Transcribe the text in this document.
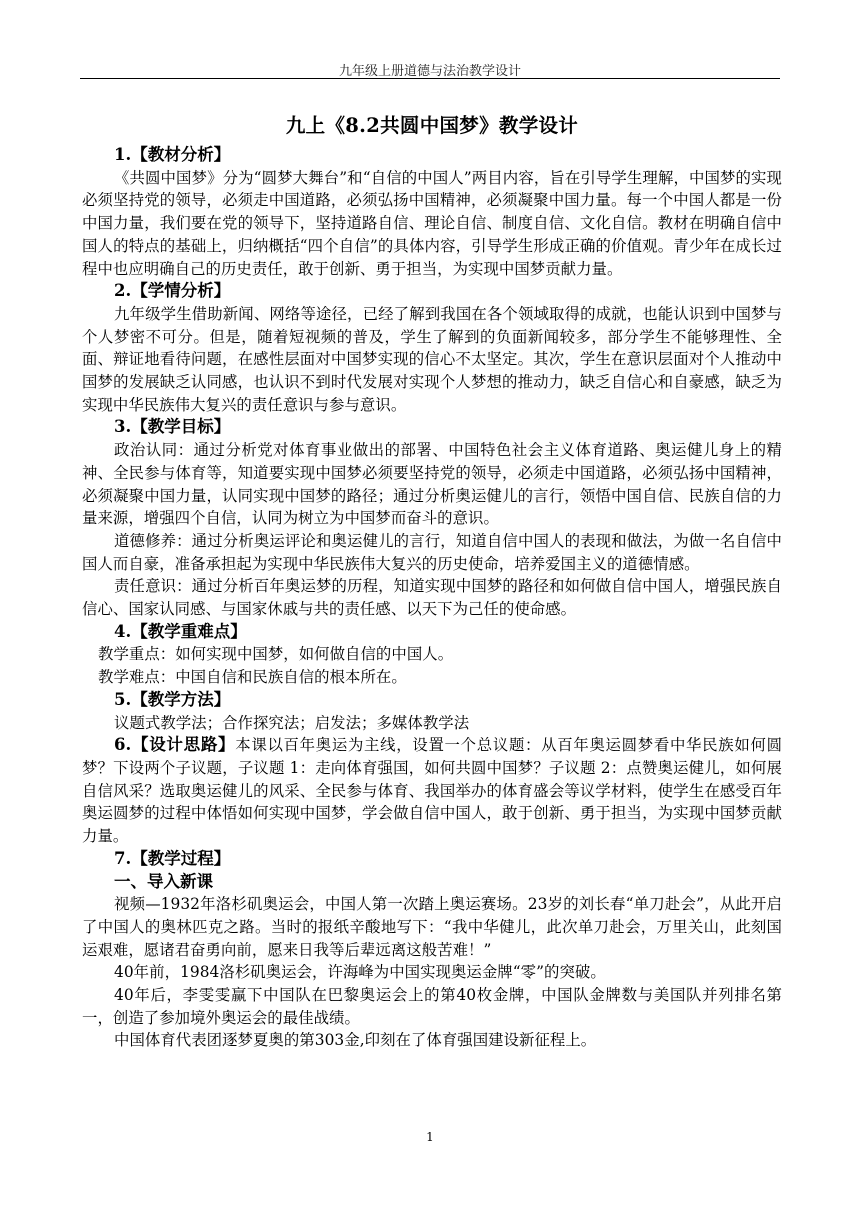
九年级上册道德与法治教学设计
九上《8.2共圆中国梦》教学设计
1.【教材分析】
《共圆中国梦》分为“圆梦大舞台”和“自信的中国人”两目内容，旨在引导学生理解，中国梦的实现必须坚持党的领导，必须走中国道路，必须弘扬中国精神，必须凝聚中国力量。每一个中国人都是一份中国力量，我们要在党的领导下，坚持道路自信、理论自信、制度自信、文化自信。教材在明确自信中国人的特点的基础上，归纳概括“四个自信”的具体内容，引导学生形成正确的价值观。青少年在成长过程中也应明确自己的历史责任，敢于创新、勇于担当，为实现中国梦贡献力量。
2.【学情分析】
九年级学生借助新闻、网络等途径，已经了解到我国在各个领域取得的成就，也能认识到中国梦与个人梦密不可分。但是，随着短视频的普及，学生了解到的负面新闻较多，部分学生不能够理性、全面、辩证地看待问题，在感性层面对中国梦实现的信心不太坚定。其次，学生在意识层面对个人推动中国梦的发展缺乏认同感，也认识不到时代发展对实现个人梦想的推动力，缺乏自信心和自豪感，缺乏为实现中华民族伟大复兴的责任意识与参与意识。
3.【教学目标】
政治认同：通过分析党对体育事业做出的部署、中国特色社会主义体育道路、奥运健儿身上的精神、全民参与体育等，知道要实现中国梦必须要坚持党的领导，必须走中国道路，必须弘扬中国精神，必须凝聚中国力量，认同实现中国梦的路径；通过分析奥运健儿的言行，领悟中国自信、民族自信的力量来源，增强四个自信，认同为树立为中国梦而奋斗的意识。
道德修养：通过分析奥运评论和奥运健儿的言行，知道自信中国人的表现和做法，为做一名自信中国人而自豪，准备承担起为实现中华民族伟大复兴的历史使命，培养爱国主义的道德情感。
责任意识：通过分析百年奥运梦的历程，知道实现中国梦的路径和如何做自信中国人，增强民族自信心、国家认同感、与国家休戚与共的责任感、以天下为己任的使命感。
4.【教学重难点】
教学重点：如何实现中国梦，如何做自信的中国人。
教学难点：中国自信和民族自信的根本所在。
5.【教学方法】
议题式教学法；合作探究法；启发法；多媒体教学法
6.【设计思路】本课以百年奥运为主线，设置一个总议题：从百年奥运圆梦看中华民族如何圆梦？下设两个子议题，子议题 1：走向体育强国，如何共圆中国梦？子议题 2：点赞奥运健儿，如何展自信风采？选取奥运健儿的风采、全民参与体育、我国举办的体育盛会等议学材料，使学生在感受百年奥运圆梦的过程中体悟如何实现中国梦，学会做自信中国人，敢于创新、勇于担当，为实现中国梦贡献力量。
7.【教学过程】
一、导入新课
视频—1932年洛杉矶奥运会，中国人第一次踏上奥运赛场。23岁的刘长春“单刀赴会”，从此开启了中国人的奥林匹克之路。当时的报纸辛酸地写下：“我中华健儿，此次单刀赴会，万里关山，此刻国运艰难，愿诸君奋勇向前，愿来日我等后辈远离这般苦难！”
40年前，1984洛杉矶奥运会，许海峰为中国实现奥运金牌“零”的突破。
40年后，李雯雯赢下中国队在巴黎奥运会上的第40枚金牌，中国队金牌数与美国队并列排名第一，创造了参加境外奥运会的最佳战绩。
中国体育代表团逐梦夏奥的第303金,印刻在了体育强国建设新征程上。
1
